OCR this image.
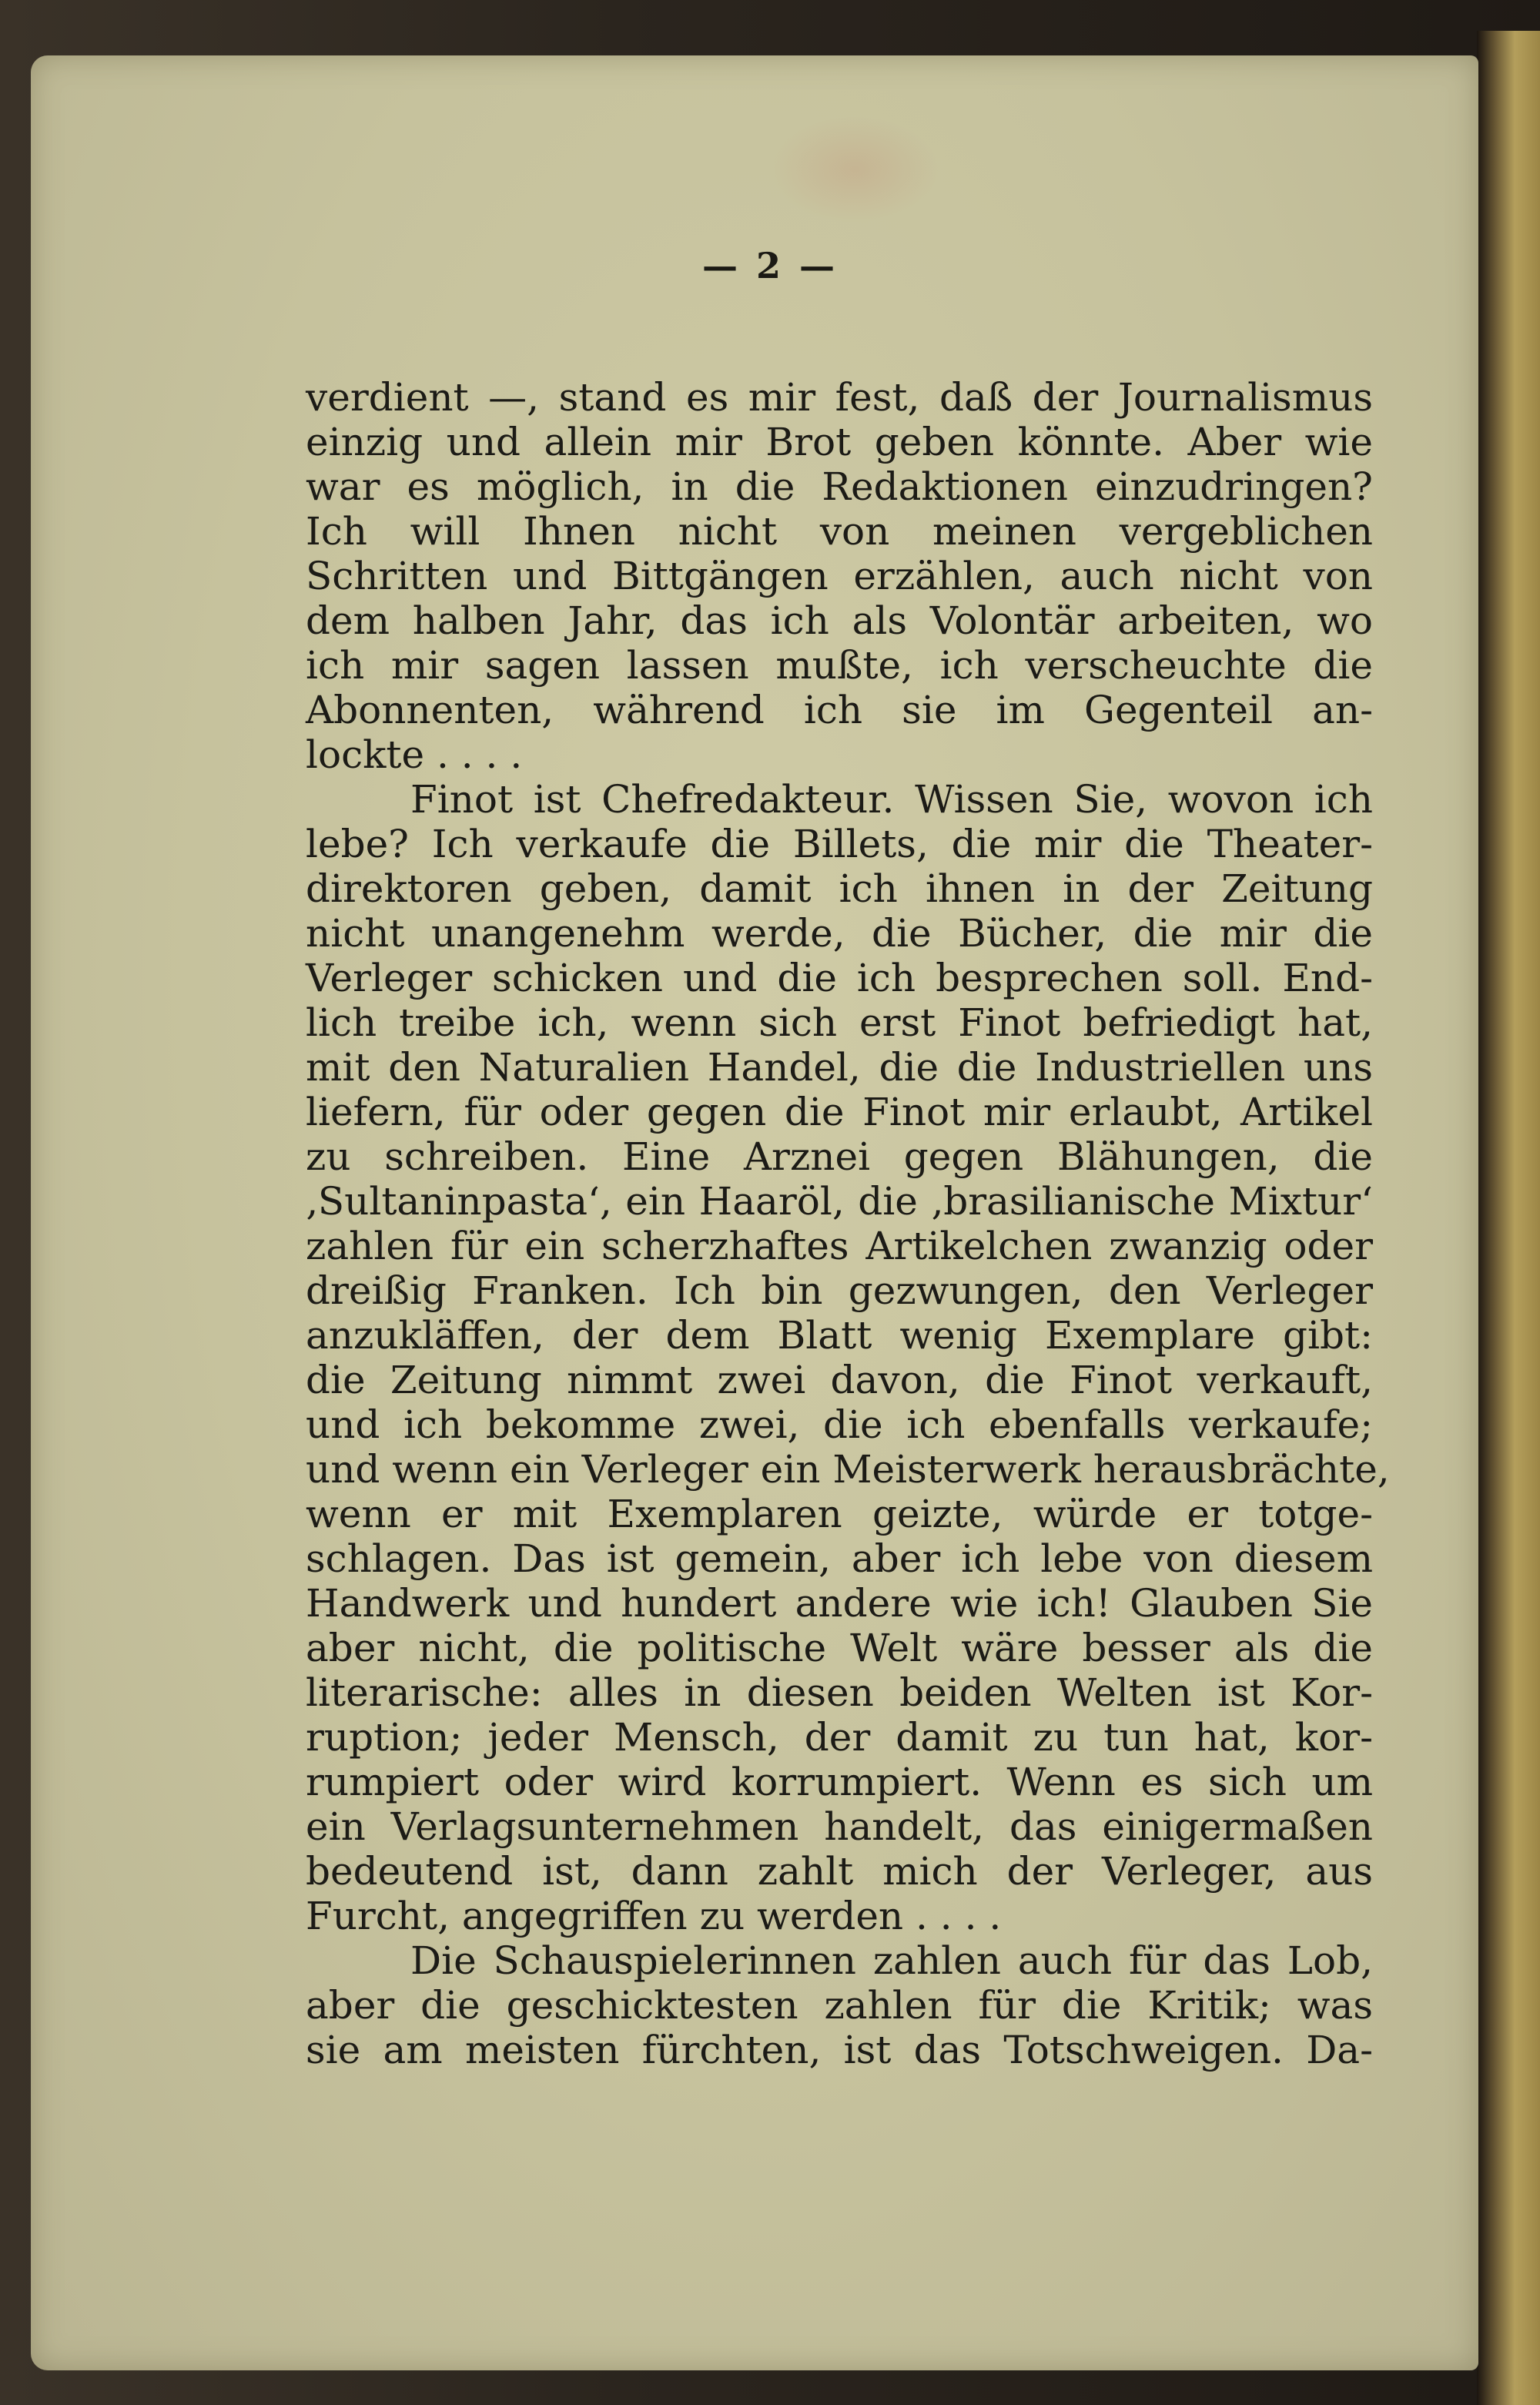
— 2 —
verdient —, stand es mir fest, daß der Journalismus
einzig und allein mir Brot geben könnte. Aber wie
war es möglich, in die Redaktionen einzudringen?
Ich will Ihnen nicht von meinen vergeblichen
Schritten und Bittgängen erzählen, auch nicht von
dem halben Jahr, das ich als Volontär arbeiten, wo
ich mir sagen lassen mußte, ich verscheuchte die
Abonnenten, während ich sie im Gegenteil an-
lockte . . . .
Finot ist Chefredakteur. Wissen Sie, wovon ich
lebe? Ich verkaufe die Billets, die mir die Theater-
direktoren geben, damit ich ihnen in der Zeitung
nicht unangenehm werde, die Bücher, die mir die
Verleger schicken und die ich besprechen soll. End-
lich treibe ich, wenn sich erst Finot befriedigt hat,
mit den Naturalien Handel, die die Industriellen uns
liefern, für oder gegen die Finot mir erlaubt, Artikel
zu schreiben. Eine Arznei gegen Blähungen, die
‚Sultaninpasta‘, ein Haaröl, die ‚brasilianische Mixtur‘
zahlen für ein scherzhaftes Artikelchen zwanzig oder
dreißig Franken. Ich bin gezwungen, den Verleger
anzukläffen, der dem Blatt wenig Exemplare gibt:
die Zeitung nimmt zwei davon, die Finot verkauft,
und ich bekomme zwei, die ich ebenfalls verkaufe;
und wenn ein Verleger ein Meisterwerk herausbrächte,
wenn er mit Exemplaren geizte, würde er totge-
schlagen. Das ist gemein, aber ich lebe von diesem
Handwerk und hundert andere wie ich! Glauben Sie
aber nicht, die politische Welt wäre besser als die
literarische: alles in diesen beiden Welten ist Kor-
ruption; jeder Mensch, der damit zu tun hat, kor-
rumpiert oder wird korrumpiert. Wenn es sich um
ein Verlagsunternehmen handelt, das einigermaßen
bedeutend ist, dann zahlt mich der Verleger, aus
Furcht, angegriffen zu werden . . . .
Die Schauspielerinnen zahlen auch für das Lob,
aber die geschicktesten zahlen für die Kritik; was
sie am meisten fürchten, ist das Totschweigen. Da-
